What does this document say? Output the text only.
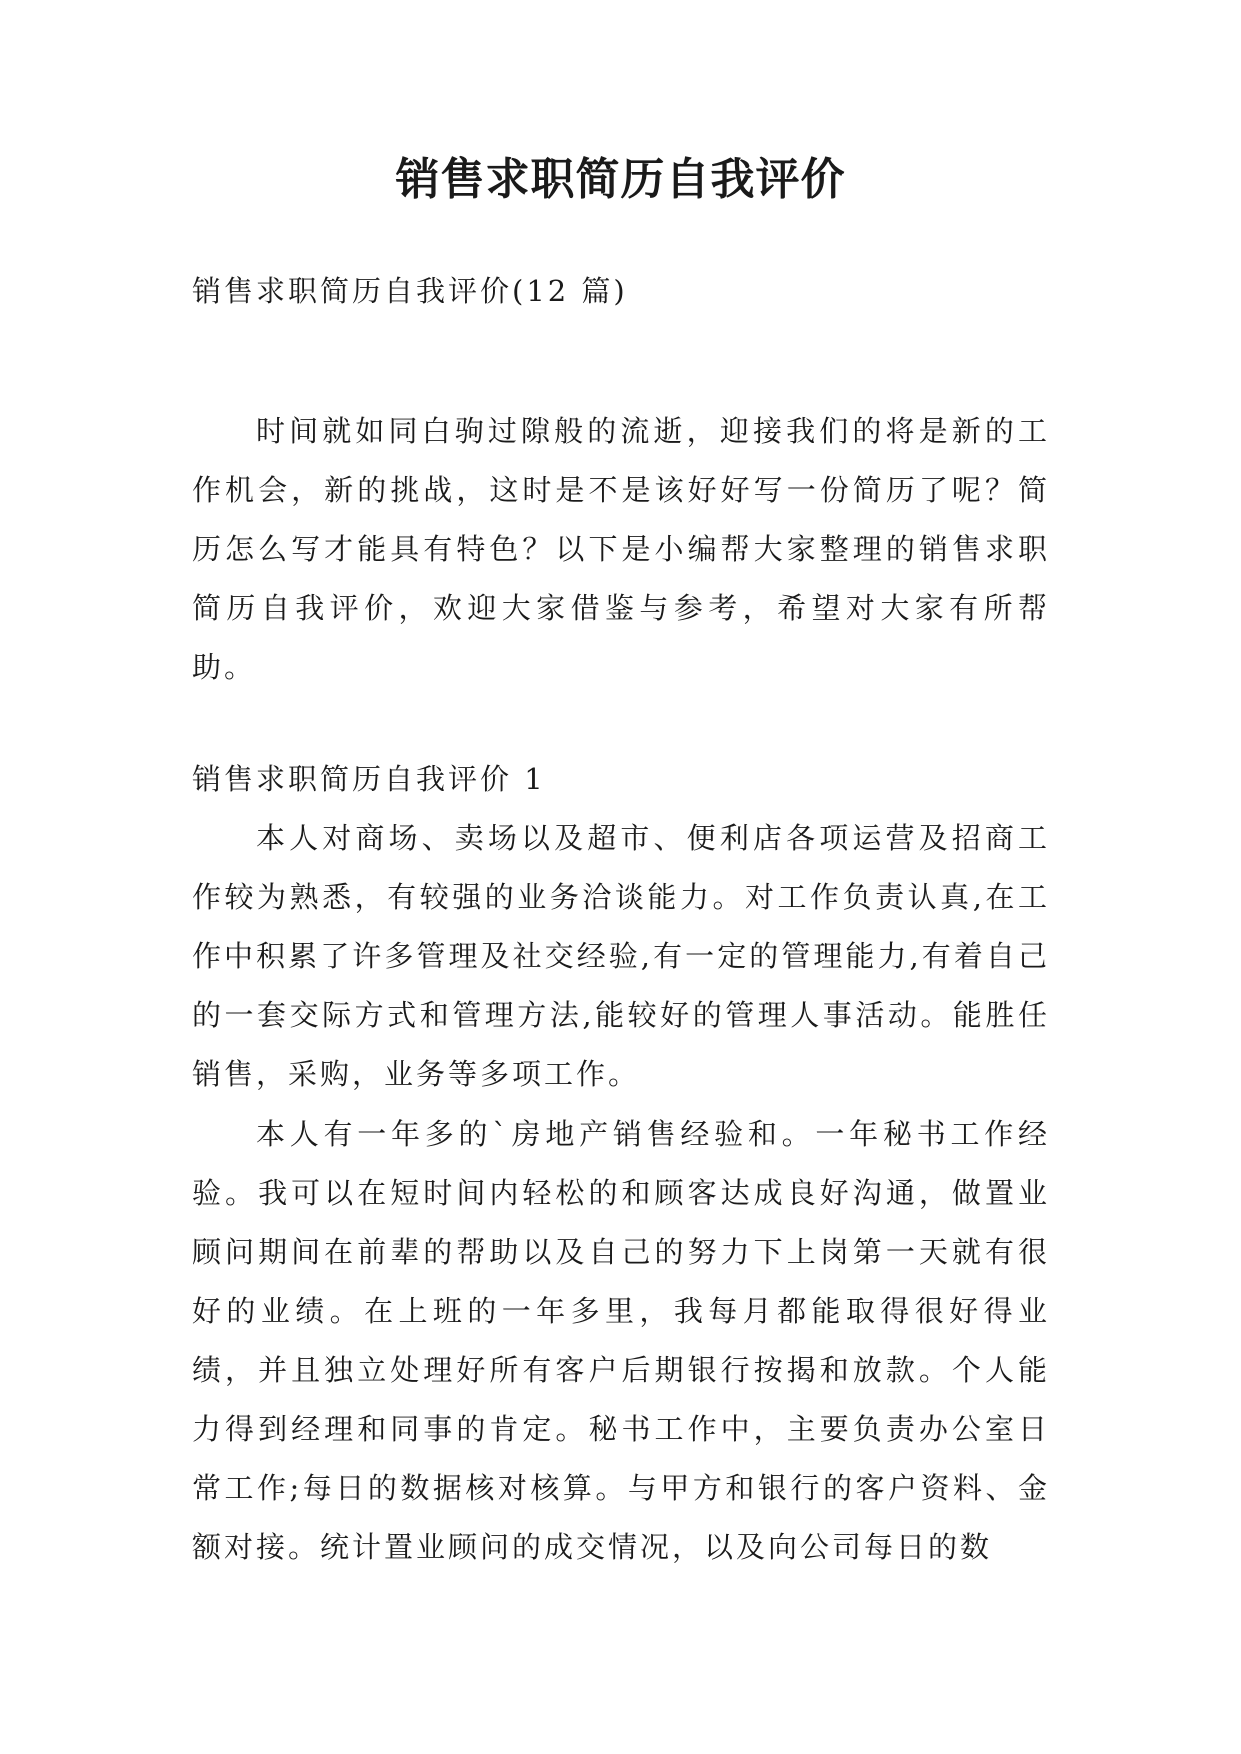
销售求职简历自我评价

销售求职简历自我评价(12 篇)

时间就如同白驹过隙般的流逝，迎接我们的将是新的工作机会，新的挑战，这时是不是该好好写一份简历了呢？简历怎么写才能具有特色？以下是小编帮大家整理的销售求职简历自我评价，欢迎大家借鉴与参考，希望对大家有所帮助。

销售求职简历自我评价 1

本人对商场、卖场以及超市、便利店各项运营及招商工作较为熟悉，有较强的业务洽谈能力。对工作负责认真,在工作中积累了许多管理及社交经验,有一定的管理能力,有着自己的一套交际方式和管理方法,能较好的管理人事活动。能胜任销售，采购，业务等多项工作。

本人有一年多的`房地产销售经验和。一年秘书工作经验。我可以在短时间内轻松的和顾客达成良好沟通，做置业顾问期间在前辈的帮助以及自己的努力下上岗第一天就有很好的业绩。在上班的一年多里，我每月都能取得很好得业绩，并且独立处理好所有客户后期银行按揭和放款。个人能力得到经理和同事的肯定。秘书工作中，主要负责办公室日常工作;每日的数据核对核算。与甲方和银行的客户资料、金额对接。统计置业顾问的成交情况，以及向公司每日的数
